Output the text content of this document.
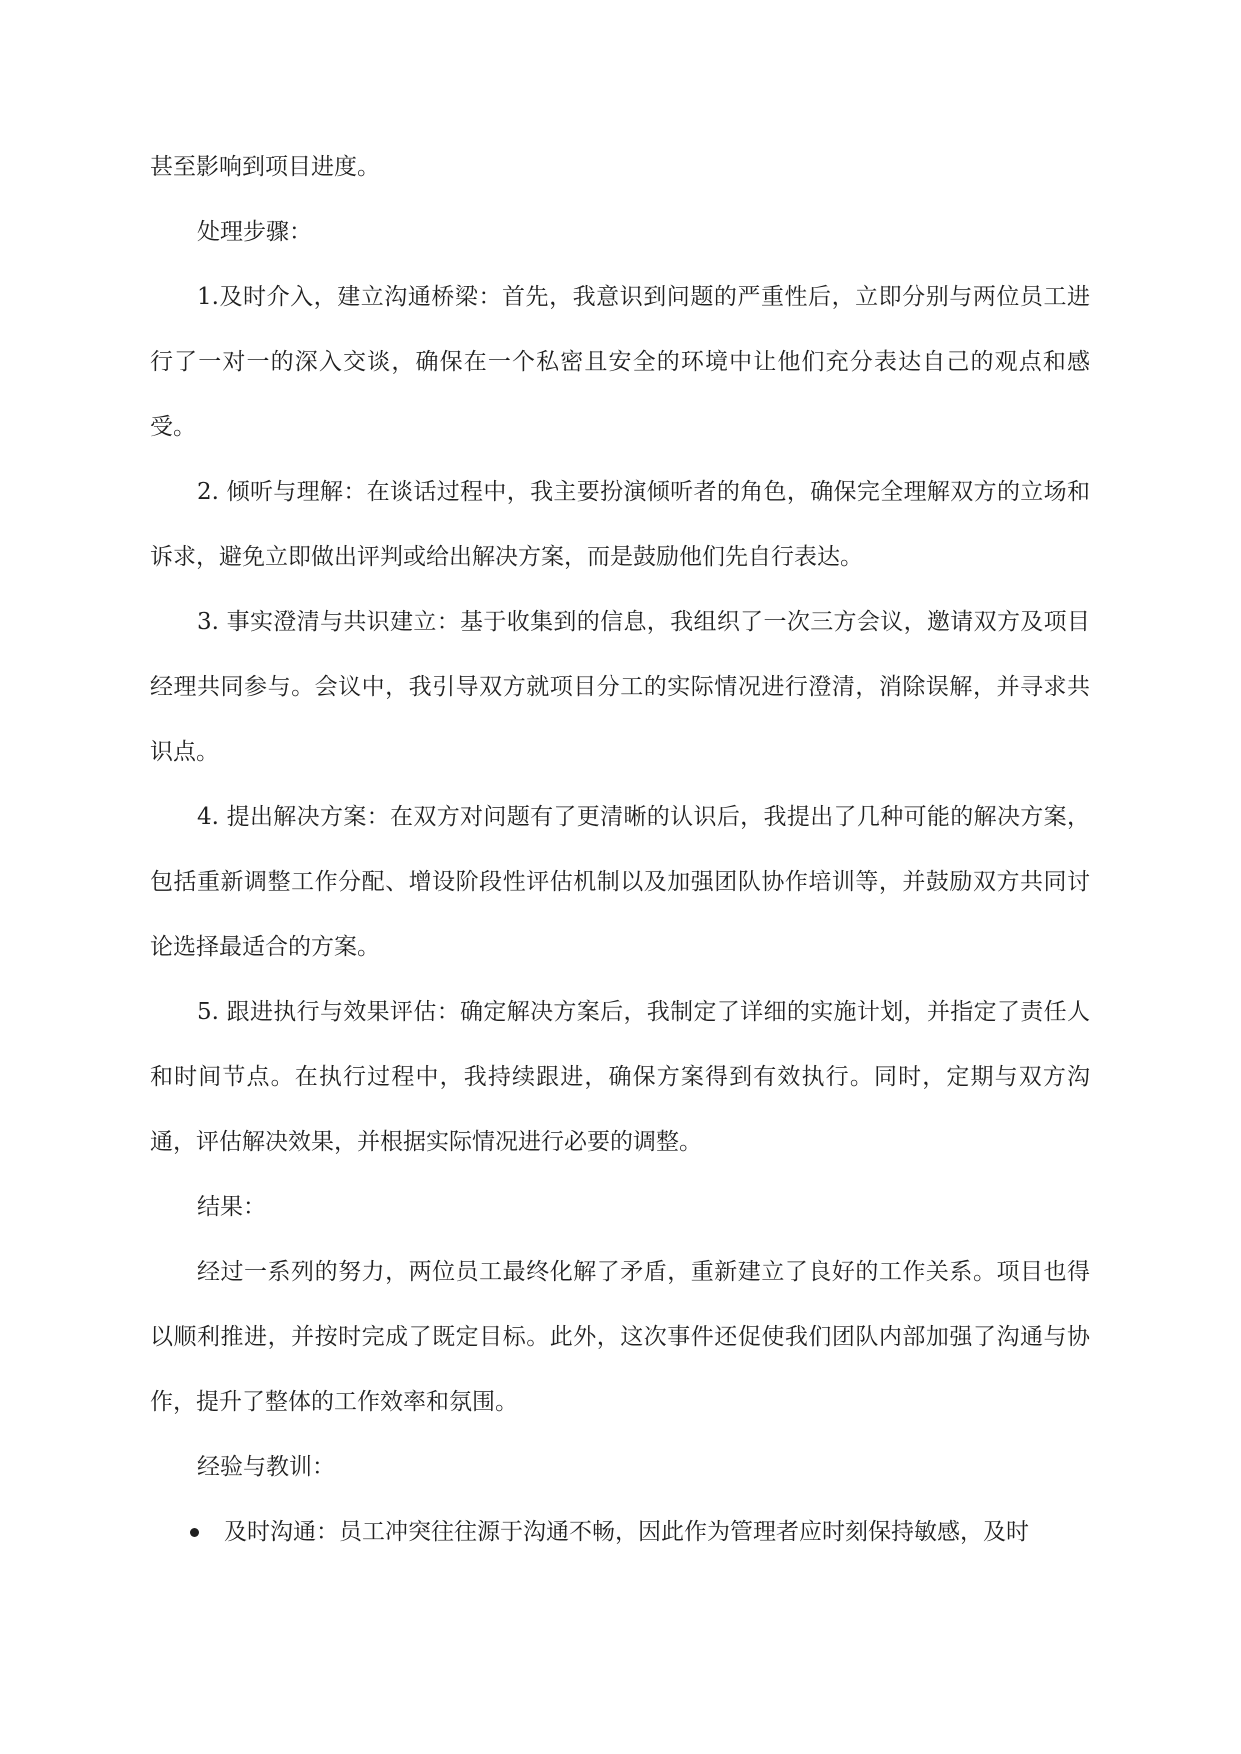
甚至影响到项目进度。

处理步骤：

1.及时介入，建立沟通桥梁：首先，我意识到问题的严重性后，立即分别与两位员工进行了一对一的深入交谈，确保在一个私密且安全的环境中让他们充分表达自己的观点和感受。

2. 倾听与理解：在谈话过程中，我主要扮演倾听者的角色，确保完全理解双方的立场和诉求，避免立即做出评判或给出解决方案，而是鼓励他们先自行表达。

3. 事实澄清与共识建立：基于收集到的信息，我组织了一次三方会议，邀请双方及项目经理共同参与。会议中，我引导双方就项目分工的实际情况进行澄清，消除误解，并寻求共识点。

4. 提出解决方案：在双方对问题有了更清晰的认识后，我提出了几种可能的解决方案，包括重新调整工作分配、增设阶段性评估机制以及加强团队协作培训等，并鼓励双方共同讨论选择最适合的方案。

5. 跟进执行与效果评估：确定解决方案后，我制定了详细的实施计划，并指定了责任人和时间节点。在执行过程中，我持续跟进，确保方案得到有效执行。同时，定期与双方沟通，评估解决效果，并根据实际情况进行必要的调整。

结果：

经过一系列的努力，两位员工最终化解了矛盾，重新建立了良好的工作关系。项目也得以顺利推进，并按时完成了既定目标。此外，这次事件还促使我们团队内部加强了沟通与协作，提升了整体的工作效率和氛围。

经验与教训：

及时沟通：员工冲突往往源于沟通不畅，因此作为管理者应时刻保持敏感，及时
